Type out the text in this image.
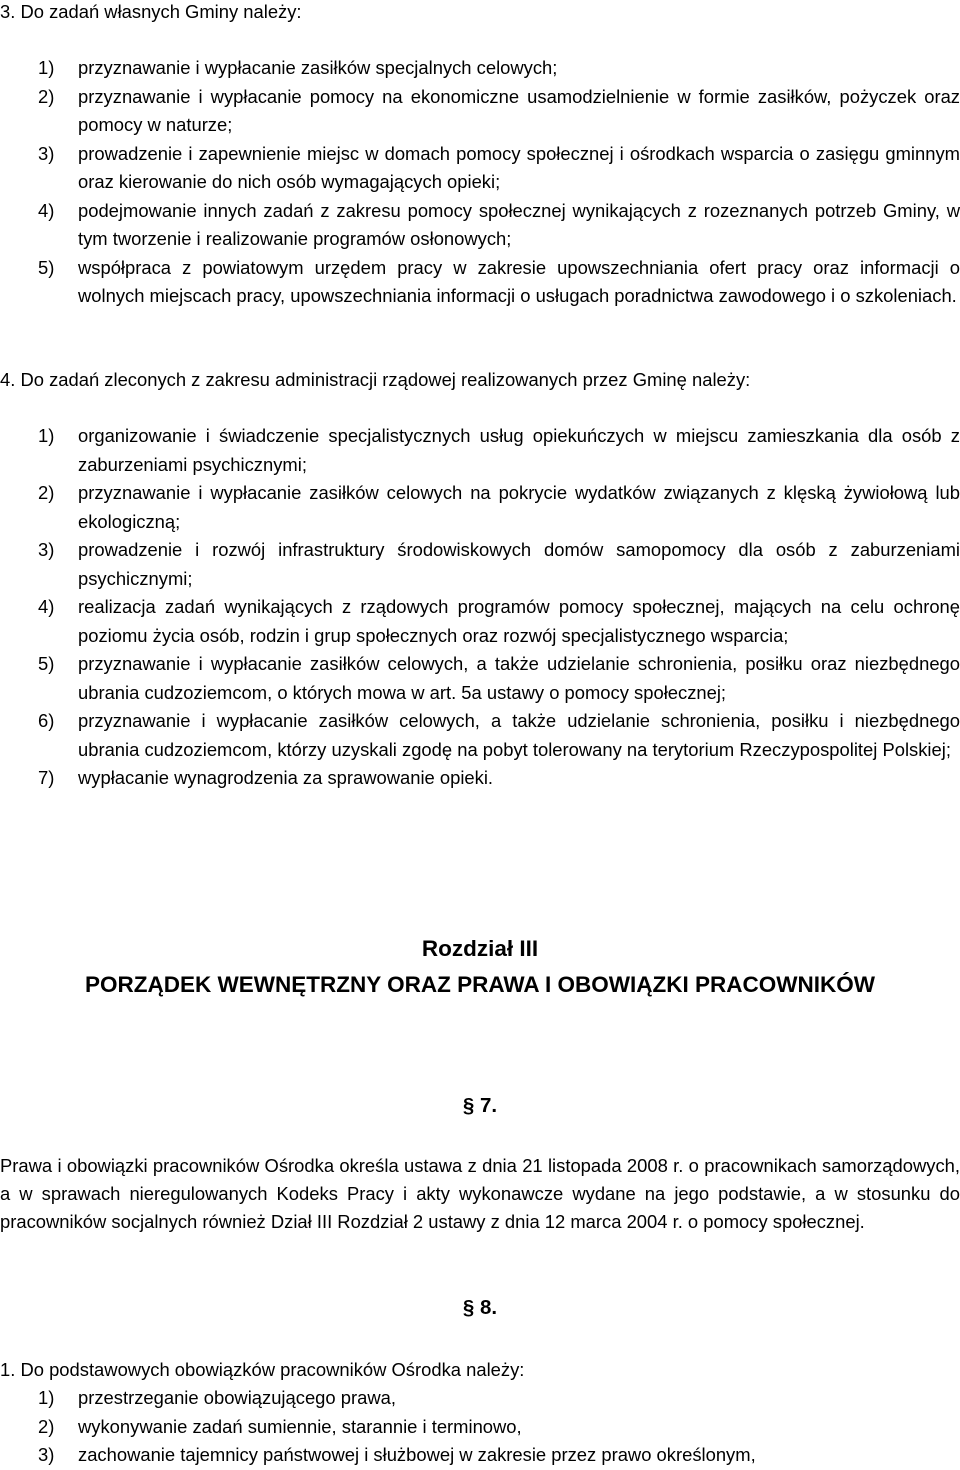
3. Do zadań własnych Gminy należy:
1)	przyznawanie i wypłacanie zasiłków specjalnych celowych;
2)	przyznawanie i wypłacanie pomocy na ekonomiczne usamodzielnienie w formie zasiłków, pożyczek oraz pomocy w naturze;
3)	prowadzenie i zapewnienie miejsc w domach pomocy społecznej i ośrodkach wsparcia o zasięgu gminnym oraz kierowanie do nich osób wymagających opieki;
4)	podejmowanie innych zadań z zakresu pomocy społecznej wynikających z rozeznanych potrzeb Gminy, w tym tworzenie i realizowanie programów osłonowych;
5)	współpraca z powiatowym urzędem pracy w zakresie upowszechniania ofert pracy oraz informacji o wolnych miejscach pracy, upowszechniania informacji o usługach poradnictwa zawodowego i o szkoleniach.
4. Do zadań zleconych z zakresu administracji rządowej realizowanych przez Gminę należy:
1)	organizowanie i świadczenie specjalistycznych usług opiekuńczych w miejscu zamieszkania dla osób z zaburzeniami psychicznymi;
2)	przyznawanie i wypłacanie zasiłków celowych na pokrycie wydatków związanych z klęską żywiołową lub ekologiczną;
3)	prowadzenie i rozwój infrastruktury środowiskowych domów samopomocy dla osób z zaburzeniami psychicznymi;
4)	realizacja zadań wynikających z rządowych programów pomocy społecznej, mających na celu ochronę poziomu życia osób, rodzin i grup społecznych oraz rozwój specjalistycznego wsparcia;
5)	przyznawanie i wypłacanie zasiłków celowych, a także udzielanie schronienia, posiłku oraz niezbędnego ubrania cudzoziemcom, o których mowa w art. 5a ustawy o pomocy społecznej;
6)	przyznawanie i wypłacanie zasiłków celowych, a także udzielanie schronienia, posiłku i niezbędnego ubrania cudzoziemcom, którzy uzyskali zgodę na pobyt tolerowany na terytorium Rzeczypospolitej Polskiej;
7)	wypłacanie wynagrodzenia za sprawowanie opieki.
Rozdział III
PORZĄDEK WEWNĘTRZNY ORAZ PRAWA I OBOWIĄZKI PRACOWNIKÓW
§ 7.
Prawa i obowiązki pracowników Ośrodka określa ustawa z dnia 21 listopada 2008 r. o pracownikach samorządowych, a w sprawach nieregulowanych Kodeks Pracy i akty wykonawcze wydane na jego podstawie, a w stosunku do pracowników socjalnych również Dział III Rozdział 2 ustawy z dnia 12 marca 2004 r. o pomocy społecznej.
§ 8.
1. Do podstawowych obowiązków pracowników Ośrodka należy:
1)	przestrzeganie obowiązującego prawa,
2)	wykonywanie zadań sumiennie, starannie i terminowo,
3)	zachowanie tajemnicy państwowej i służbowej w zakresie przez prawo określonym,
